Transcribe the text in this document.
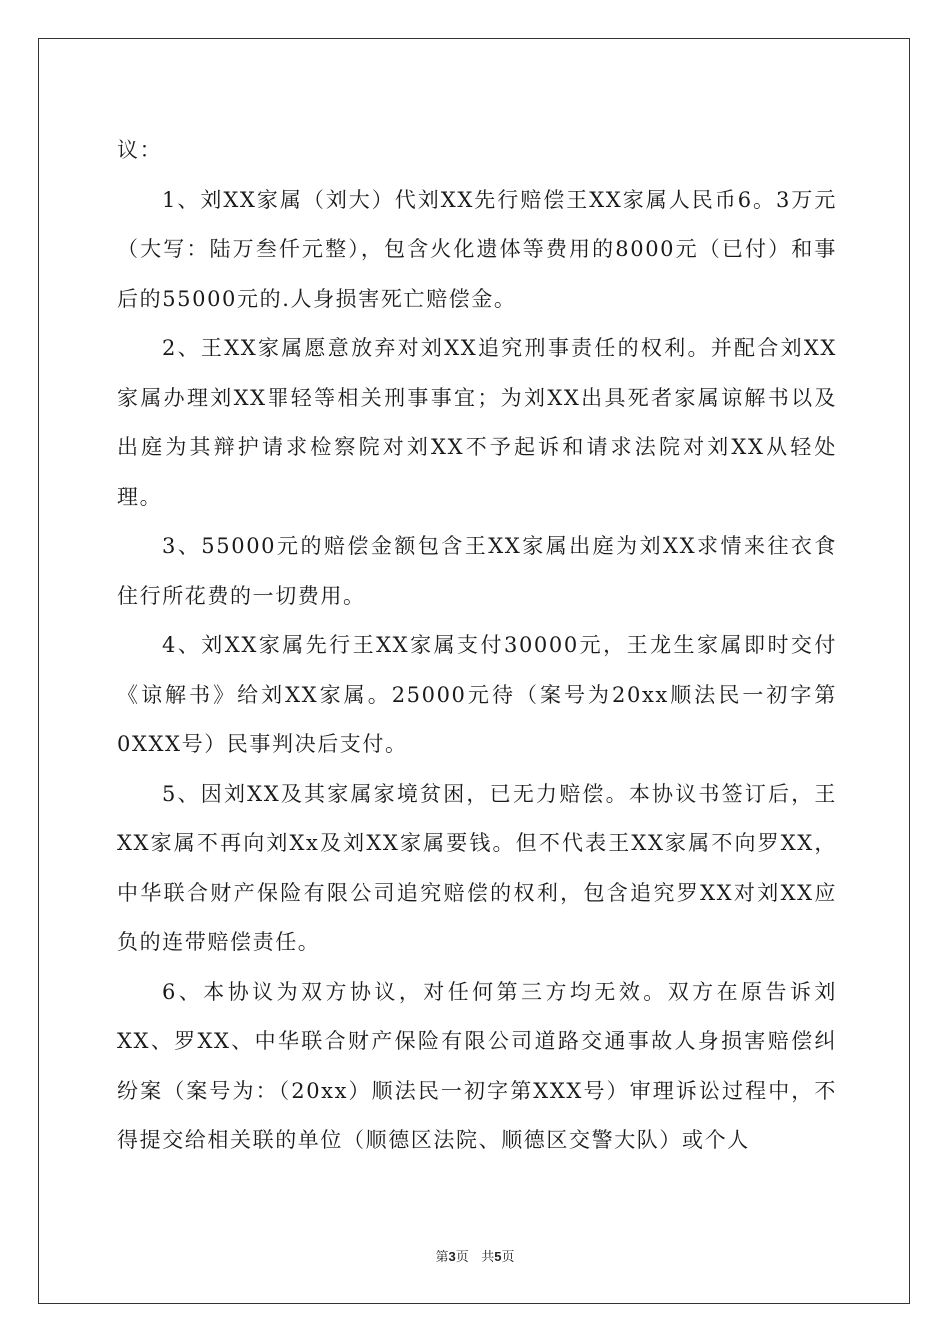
议：

1、刘XX家属（刘大）代刘XX先行赔偿王XX家属人民币6。3万元（大写：陆万叁仟元整），包含火化遗体等费用的8000元（已付）和事后的55000元的.人身损害死亡赔偿金。

2、王XX家属愿意放弃对刘XX追究刑事责任的权利。并配合刘XX家属办理刘XX罪轻等相关刑事事宜；为刘XX出具死者家属谅解书以及出庭为其辩护请求检察院对刘XX不予起诉和请求法院对刘XX从轻处理。

3、55000元的赔偿金额包含王XX家属出庭为刘XX求情来往衣食住行所花费的一切费用。

4、刘XX家属先行王XX家属支付30000元，王龙生家属即时交付《谅解书》给刘XX家属。25000元待（案号为20xx顺法民一初字第0XXX号）民事判决后支付。

5、因刘XX及其家属家境贫困，已无力赔偿。本协议书签订后，王XX家属不再向刘Xx及刘XX家属要钱。但不代表王XX家属不向罗XX，中华联合财产保险有限公司追究赔偿的权利，包含追究罗XX对刘XX应负的连带赔偿责任。

6、本协议为双方协议，对任何第三方均无效。双方在原告诉刘XX、罗XX、中华联合财产保险有限公司道路交通事故人身损害赔偿纠纷案（案号为：（20xx）顺法民一初字第XXX号）审理诉讼过程中，不得提交给相关联的单位（顺德区法院、顺德区交警大队）或个人

第3页 共5页
